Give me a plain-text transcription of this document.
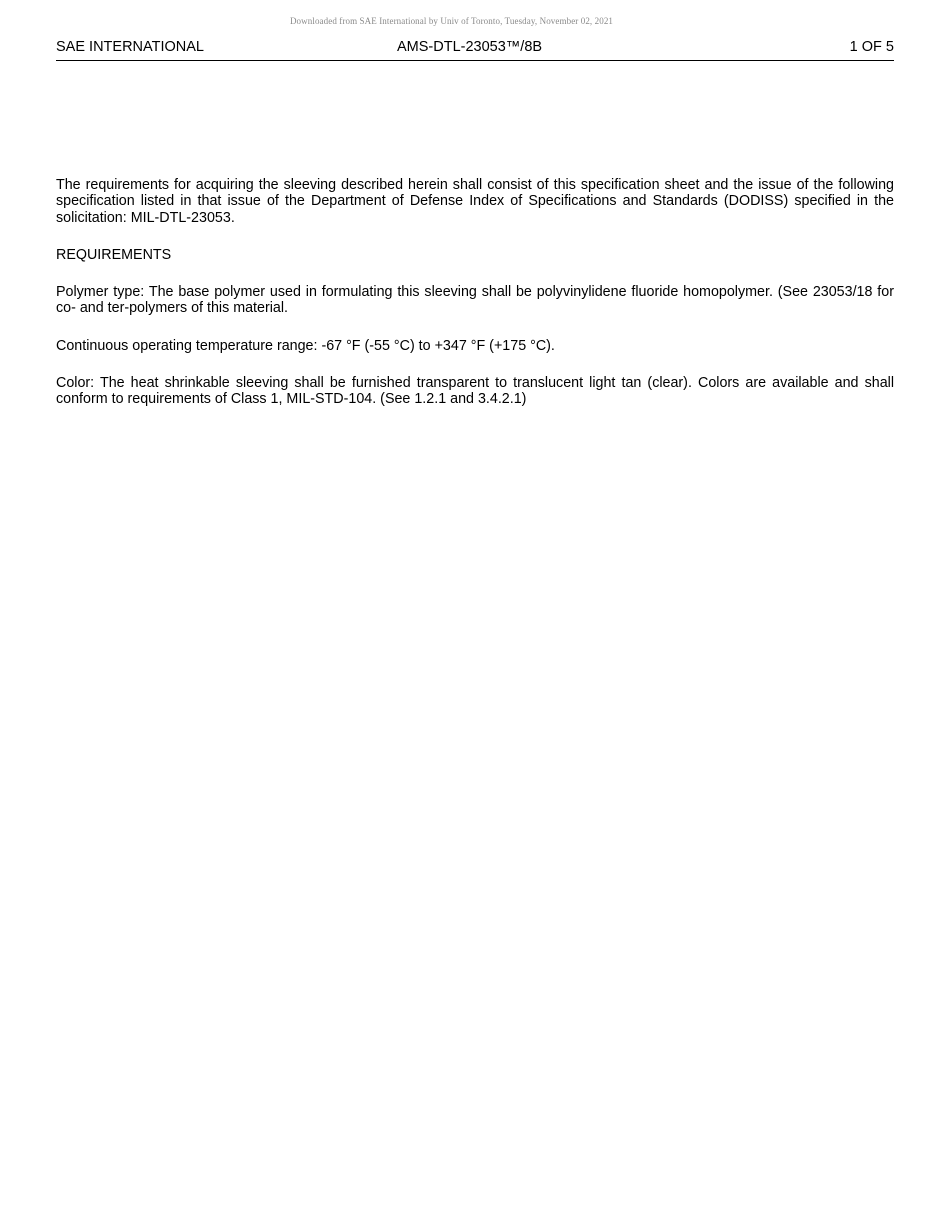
Downloaded from SAE International by Univ of Toronto, Tuesday, November 02, 2021
SAE INTERNATIONAL	AMS-DTL-23053™/8B	1 OF 5

The requirements for acquiring the sleeving described herein shall consist of this specification sheet and the issue of the following specification listed in that issue of the Department of Defense Index of Specifications and Standards (DODISS) specified in the solicitation: MIL-DTL-23053.

REQUIREMENTS

Polymer type: The base polymer used in formulating this sleeving shall be polyvinylidene fluoride homopolymer. (See 23053/18 for co- and ter-polymers of this material.

Continuous operating temperature range: -67 °F (-55 °C) to +347 °F (+175 °C).

Color: The heat shrinkable sleeving shall be furnished transparent to translucent light tan (clear). Colors are available and shall conform to requirements of Class 1, MIL-STD-104. (See 1.2.1 and 3.4.2.1)
